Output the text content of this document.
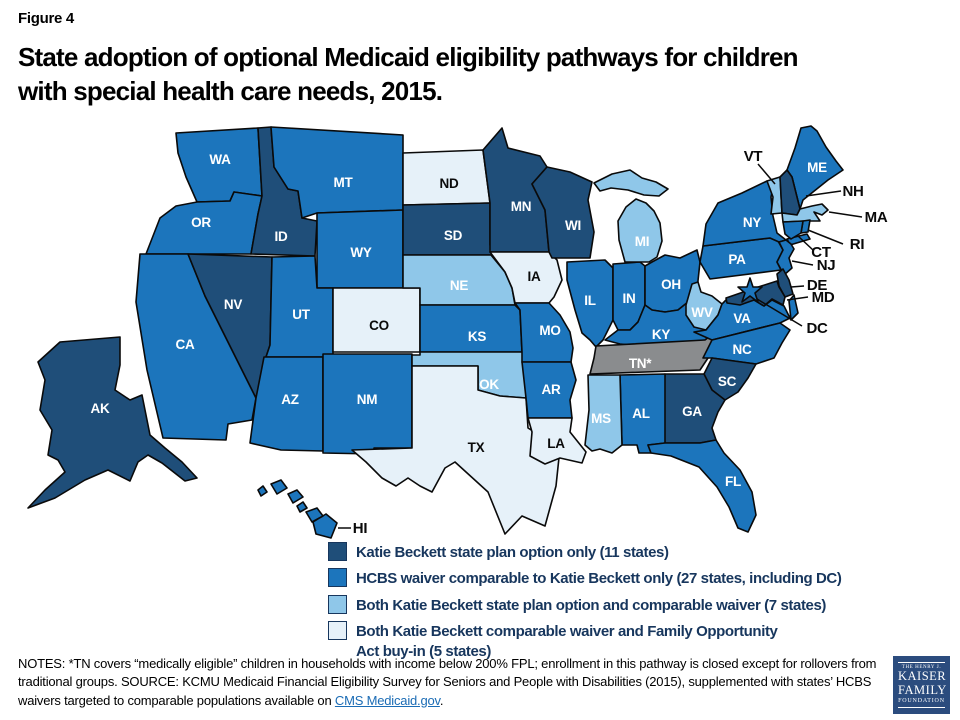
Figure 4
State adoption of optional Medicaid eligibility pathways for children
with special health care needs, 2015.
WA
OR
CA
NV
ID
MT
WY
UT
CO
AZ	NM
ND
SD
NE
KS
OK
TX
MN
IA
MO
AR
LA
WI
IL IN
MI
OH
KY
TN*
WV VA
NC
SC
GA
AL
MS
FL
PA
NY
ME
AK
VT
NH
MA
RI
CT
NJ
DE
MD
DC
HI
Katie Beckett state plan option only (11 states)
HCBS waiver comparable to Katie Beckett only (27 states, including DC)
Both Katie Beckett state plan option and comparable waiver (7 states)
Both Katie Beckett comparable waiver and Family Opportunity
Act buy-in (5 states)
NOTES: *TN covers “medically eligible” children in households with income below 200% FPL; enrollment in this pathway is closed except for rollovers from traditional groups. SOURCE: KCMU Medicaid Financial Eligibility Survey for Seniors and People with Disabilities (2015), supplemented with states’ HCBS waivers targeted to comparable populations available on CMS Medicaid.gov.
THE HENRY J.
KAISER
FAMILY
FOUNDATION
